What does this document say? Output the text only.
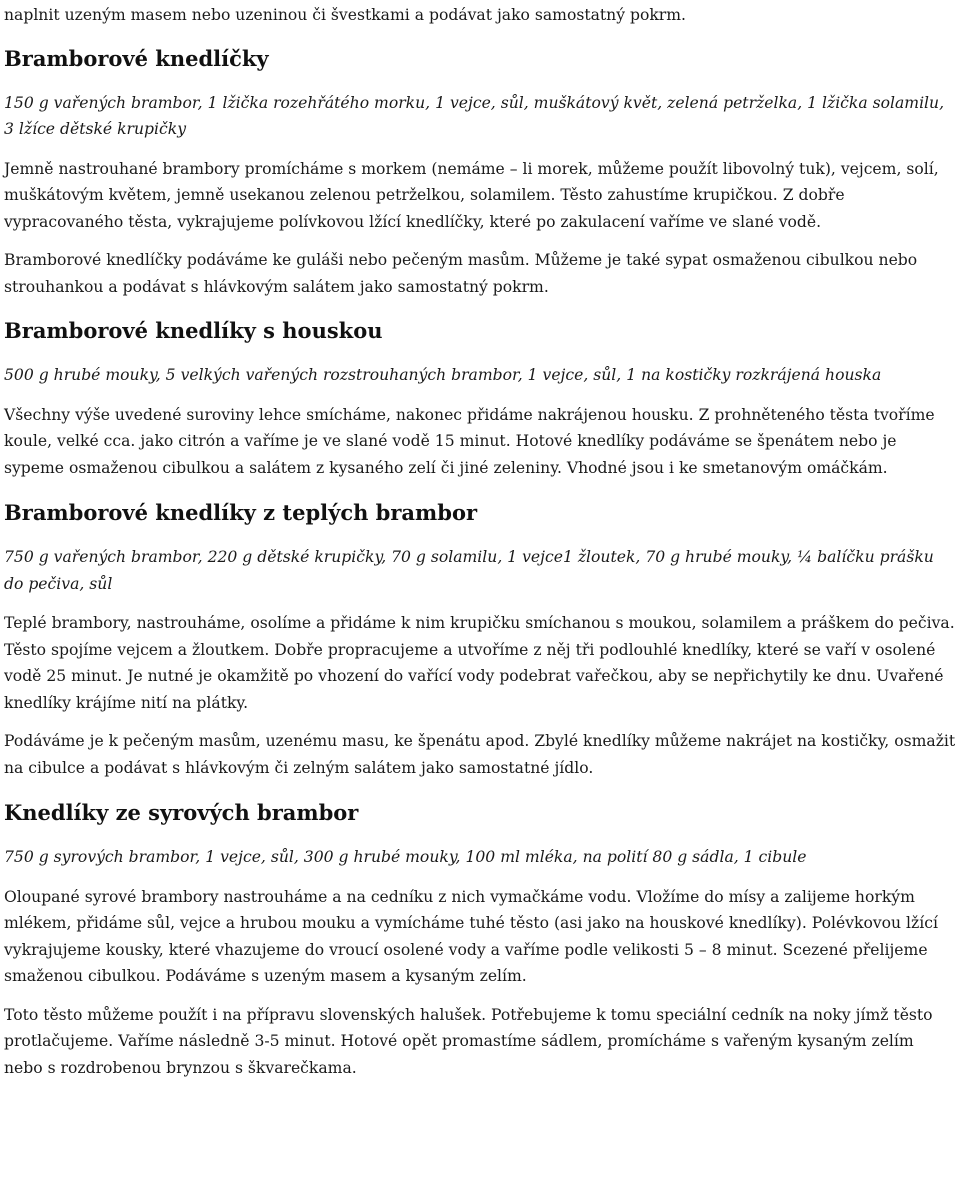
naplnit uzeným masem nebo uzeninou či švestkami a podávat jako samostatný pokrm.

Bramborové knedlíčky

150 g vařených brambor, 1 lžička rozehřátého morku, 1 vejce, sůl, muškátový květ, zelená petrželka, 1 lžička solamilu, 3 lžíce dětské krupičky

Jemně nastrouhané brambory promícháme s morkem (nemáme – li morek, můžeme použít libovolný tuk), vejcem, solí, muškátovým květem, jemně usekanou zelenou petrželkou, solamilem. Těsto zahustíme krupičkou. Z dobře vypracovaného těsta, vykrajujeme polívkovou lžící knedlíčky, které po zakulacení vaříme ve slané vodě.

Bramborové knedlíčky podáváme ke guláši nebo pečeným masům. Můžeme je také sypat osmaženou cibulkou nebo strouhankou a podávat s hlávkovým salátem jako samostatný pokrm.

Bramborové knedlíky s houskou

500 g hrubé mouky, 5 velkých vařených rozstrouhaných brambor, 1 vejce, sůl, 1 na kostičky rozkrájená houska

Všechny výše uvedené suroviny lehce smícháme, nakonec přidáme nakrájenou housku. Z prohněteného těsta tvoříme koule, velké cca. jako citrón a vaříme je ve slané vodě 15 minut. Hotové knedlíky podáváme se špenátem nebo je sypeme osmaženou cibulkou a salátem z kysaného zelí či jiné zeleniny. Vhodné jsou i ke smetanovým omáčkám.

Bramborové knedlíky z teplých brambor

750 g vařených brambor, 220 g dětské krupičky, 70 g solamilu, 1 vejce1 žloutek, 70 g hrubé mouky, ¼ balíčku prášku do pečiva, sůl

Teplé brambory, nastrouháme, osolíme a přidáme k nim krupičku smíchanou s moukou, solamilem a práškem do pečiva. Těsto spojíme vejcem a žloutkem. Dobře propracujeme a utvoříme z něj tři podlouhlé knedlíky, které se vaří v osolené vodě 25 minut. Je nutné je okamžitě po vhození do vařící vody podebrat vařečkou, aby se nepřichytily ke dnu. Uvařené knedlíky krájíme nití na plátky.

Podáváme je k pečeným masům, uzenému masu, ke špenátu apod. Zbylé knedlíky můžeme nakrájet na kostičky, osmažit na cibulce a podávat s hlávkovým či zelným salátem jako samostatné jídlo.

Knedlíky ze syrových brambor

750 g syrových brambor, 1 vejce, sůl, 300 g hrubé mouky, 100 ml mléka, na polití 80 g sádla, 1 cibule

Oloupané syrové brambory nastrouháme a na cedníku z nich vymačkáme vodu. Vložíme do mísy a zalijeme horkým mlékem, přidáme sůl, vejce a hrubou mouku a vymícháme tuhé těsto (asi jako na houskové knedlíky). Polévkovou lžící vykrajujeme kousky, které vhazujeme do vroucí osolené vody a vaříme podle velikosti 5 – 8 minut. Scezené přelijeme smaženou cibulkou. Podáváme s uzeným masem a kysaným zelím.

Toto těsto můžeme použít i na přípravu slovenských halušek. Potřebujeme k tomu speciální cedník na noky jímž těsto protlačujeme. Vaříme následně 3-5 minut. Hotové opět promastíme sádlem, promícháme s vařeným kysaným zelím nebo s rozdrobenou brynzou s škvarečkama.
